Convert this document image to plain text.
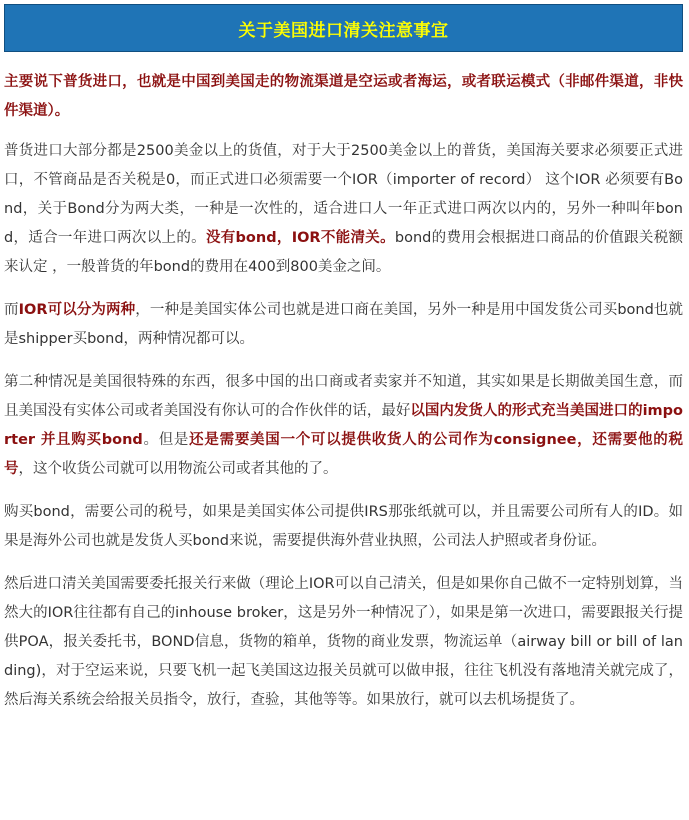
关于美国进口清关注意事宜

主要说下普货进口，也就是中国到美国走的物流渠道是空运或者海运，或者联运模式（非邮件渠道，非快件渠道）。

普货进口大部分都是2500美金以上的货值，对于大于2500美金以上的普货，美国海关要求必须要正式进口，不管商品是否关税是0，而正式进口必须需要一个IOR（importer of record） 这个IOR 必须要有Bond，关于Bond分为两大类，一种是一次性的，适合进口人一年正式进口两次以内的，另外一种叫年bond，适合一年进口两次以上的。没有bond，IOR不能清关。bond的费用会根据进口商品的价值跟关税额来认定 ，一般普货的年bond的费用在400到800美金之间。

而IOR可以分为两种，一种是美国实体公司也就是进口商在美国，另外一种是用中国发货公司买bond也就是shipper买bond，两种情况都可以。

第二种情况是美国很特殊的东西，很多中国的出口商或者卖家并不知道，其实如果是长期做美国生意，而且美国没有实体公司或者美国没有你认可的合作伙伴的话，最好以国内发货人的形式充当美国进口的importer 并且购买bond。但是还是需要美国一个可以提供收货人的公司作为consignee，还需要他的税号，这个收货公司就可以用物流公司或者其他的了。

购买bond，需要公司的税号，如果是美国实体公司提供IRS那张纸就可以，并且需要公司所有人的ID。如果是海外公司也就是发货人买bond来说，需要提供海外营业执照，公司法人护照或者身份证。

然后进口清关美国需要委托报关行来做（理论上IOR可以自己清关，但是如果你自己做不一定特别划算，当然大的IOR往往都有自己的inhouse broker，这是另外一种情况了），如果是第一次进口，需要跟报关行提供POA，报关委托书，BOND信息，货物的箱单，货物的商业发票，物流运单（airway bill or bill of landing)，对于空运来说，只要飞机一起飞美国这边报关员就可以做申报，往往飞机没有落地清关就完成了，然后海关系统会给报关员指令，放行，查验，其他等等。如果放行，就可以去机场提货了。
